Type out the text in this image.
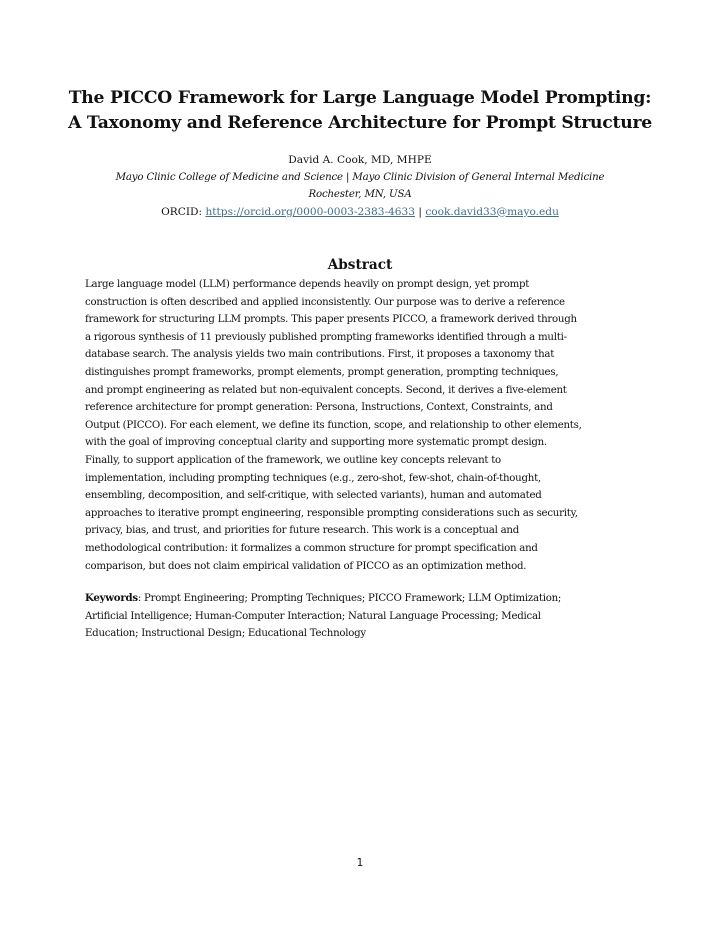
The PICCO Framework for Large Language Model Prompting:
A Taxonomy and Reference Architecture for Prompt Structure
David A. Cook, MD, MHPE
Mayo Clinic College of Medicine and Science | Mayo Clinic Division of General Internal Medicine
Rochester, MN, USA
ORCID: https://orcid.org/0000-0003-2383-4633 | cook.david33@mayo.edu
Abstract
Large language model (LLM) performance depends heavily on prompt design, yet prompt
construction is often described and applied inconsistently. Our purpose was to derive a reference
framework for structuring LLM prompts. This paper presents PICCO, a framework derived through
a rigorous synthesis of 11 previously published prompting frameworks identified through a multi-
database search. The analysis yields two main contributions. First, it proposes a taxonomy that
distinguishes prompt frameworks, prompt elements, prompt generation, prompting techniques,
and prompt engineering as related but non-equivalent concepts. Second, it derives a five-element
reference architecture for prompt generation: Persona, Instructions, Context, Constraints, and
Output (PICCO). For each element, we define its function, scope, and relationship to other elements,
with the goal of improving conceptual clarity and supporting more systematic prompt design.
Finally, to support application of the framework, we outline key concepts relevant to
implementation, including prompting techniques (e.g., zero-shot, few-shot, chain-of-thought,
ensembling, decomposition, and self-critique, with selected variants), human and automated
approaches to iterative prompt engineering, responsible prompting considerations such as security,
privacy, bias, and trust, and priorities for future research. This work is a conceptual and
methodological contribution: it formalizes a common structure for prompt specification and
comparison, but does not claim empirical validation of PICCO as an optimization method.
Keywords: Prompt Engineering; Prompting Techniques; PICCO Framework; LLM Optimization;
Artificial Intelligence; Human-Computer Interaction; Natural Language Processing; Medical
Education; Instructional Design; Educational Technology
1
